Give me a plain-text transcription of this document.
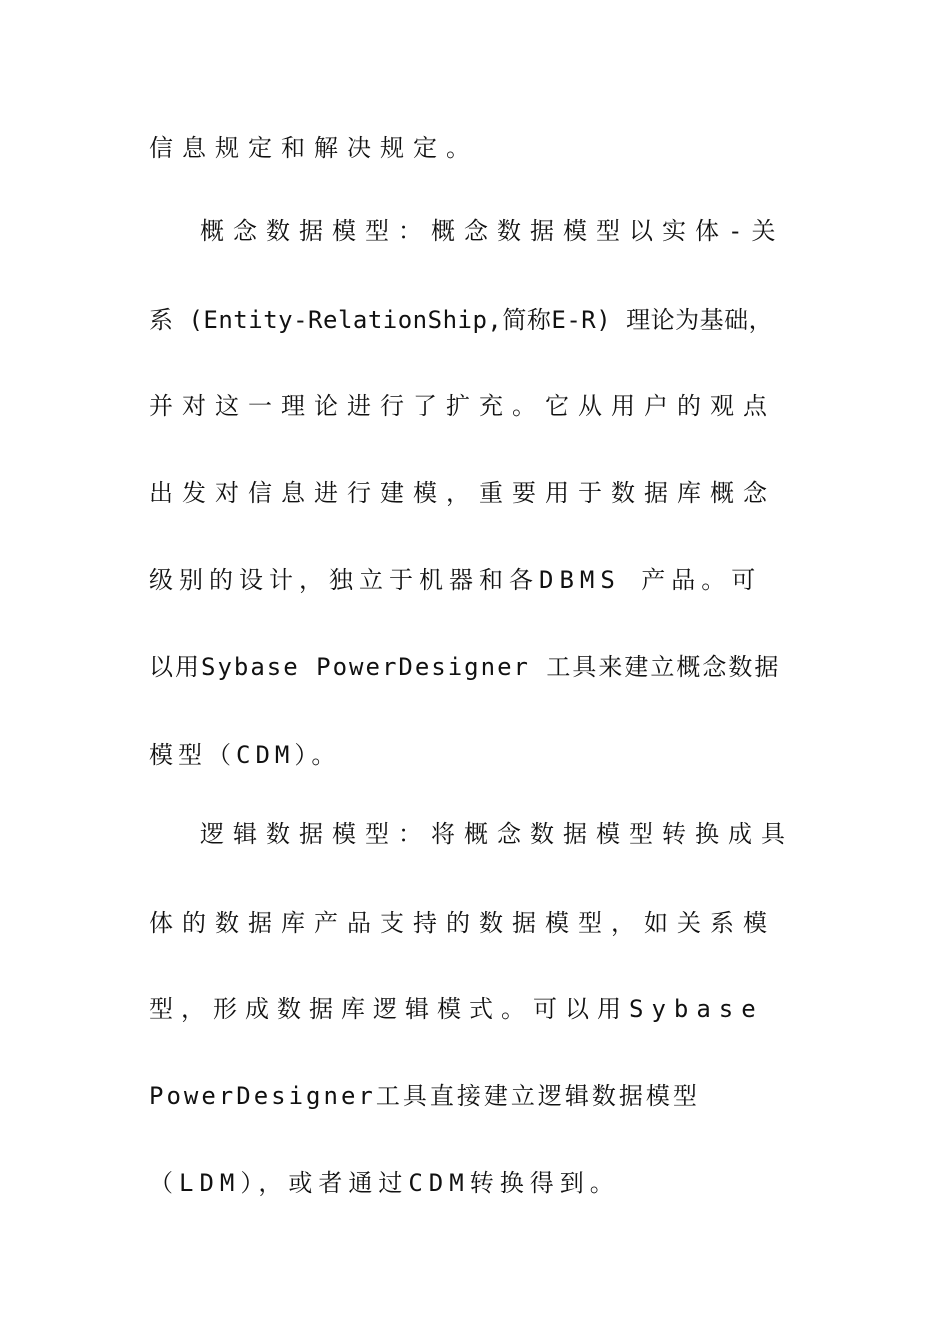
信息规定和解决规定。
概念数据模型：概念数据模型以实体-关
系 (Entity-RelationShip,简称E-R) 理论为基础，
并对这一理论进行了扩充。它从用户的观点
出发对信息进行建模，重要用于数据库概念
级别的设计，独立于机器和各DBMS 产品。可
以用Sybase PowerDesigner 工具来建立概念数据
模型（CDM）。
逻辑数据模型：将概念数据模型转换成具
体的数据库产品支持的数据模型，如关系模
型，形成数据库逻辑模式。可以用Sybase
PowerDesigner工具直接建立逻辑数据模型
（LDM），或者通过CDM转换得到。
